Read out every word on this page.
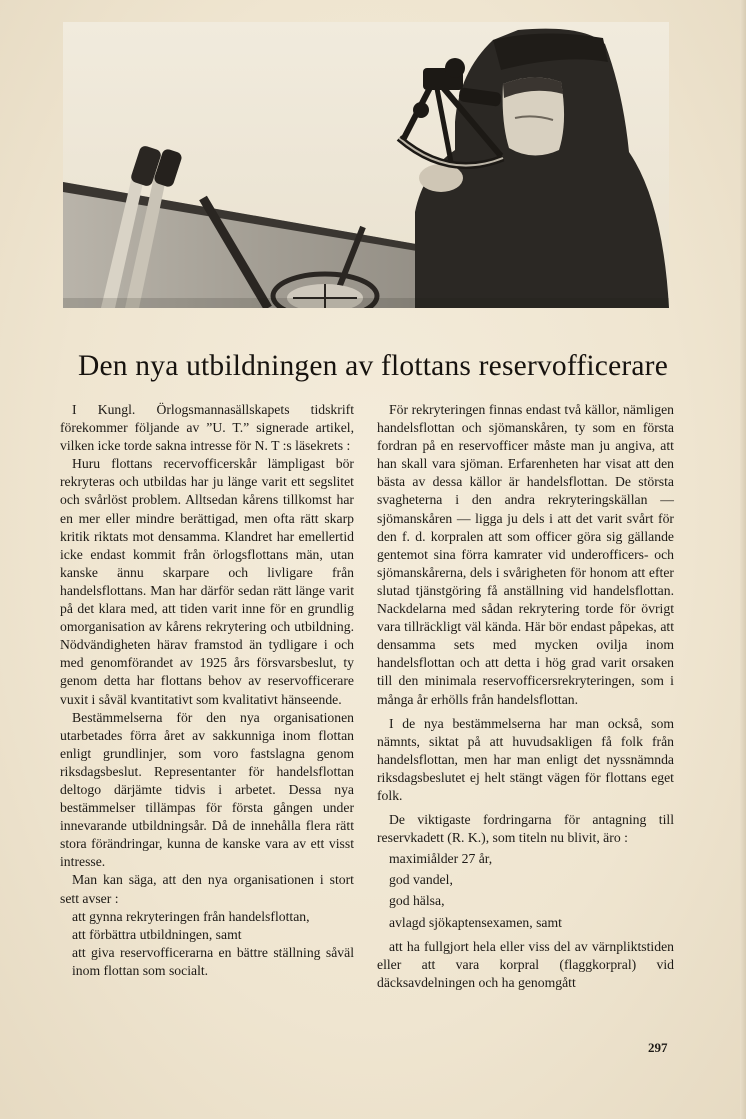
Den nya utbildningen av flottans reservofficerare

I Kungl. Örlogsmannasällskapets tidskrift förekommer följande av ”U. T.” signerade artikel, vilken icke torde sakna intresse för N. T :s läsekrets :

Huru flottans recervofficerskår lämpligast bör rekryteras och utbildas har ju länge varit ett segslitet och svårlöst problem. Alltsedan kårens tillkomst har en mer eller mindre berättigad, men ofta rätt skarp kritik riktats mot densamma. Klandret har emellertid icke endast kommit från örlogsflottans män, utan kanske ännu skarpare och livligare från handelsflottans. Man har därför sedan rätt länge varit på det klara med, att tiden varit inne för en grundlig omorganisation av kårens rekrytering och utbildning. Nödvändigheten härav framstod än tydligare i och med genomförandet av 1925 års försvarsbeslut, ty genom detta har flottans behov av reservofficerare vuxit i såväl kvantitativt som kvalitativt hänseende.

Bestämmelserna för den nya organisationen utarbetades förra året av sakkunniga inom flottan enligt grundlinjer, som voro fastslagna genom riksdagsbeslut. Representanter för handelsflottan deltogo därjämte tidvis i arbetet. Dessa nya bestämmelser tillämpas för första gången under innevarande utbildningsår. Då de innehålla flera rätt stora förändringar, kunna de kanske vara av ett visst intresse.

Man kan säga, att den nya organisationen i stort sett avser :

att gynna rekryteringen från handelsflottan,

att förbättra utbildningen, samt

att giva reservofficerarna en bättre ställning såväl inom flottan som socialt.

För rekryteringen finnas endast två källor, nämligen handelsflottan och sjömanskåren, ty som en första fordran på en reservofficer måste man ju angiva, att han skall vara sjöman. Erfarenheten har visat att den bästa av dessa källor är handelsflottan. De största svagheterna i den andra rekryteringskällan — sjömanskåren — ligga ju dels i att det varit svårt för den f. d. korpralen att som officer göra sig gällande gentemot sina förra kamrater vid underofficers- och sjömanskårerna, dels i svårigheten för honom att efter slutad tjänstgöring få anställning vid handelsflottan. Nackdelarna med sådan rekrytering torde för övrigt vara tillräckligt väl kända. Här bör endast påpekas, att densamma sets med mycken ovilja inom handelsflottan och att detta i hög grad varit orsaken till den minimala reservofficersrekryteringen, som i många år erhölls från handelsflottan.

I de nya bestämmelserna har man också, som nämnts, siktat på att huvudsakligen få folk från handelsflottan, men har man enligt det nyssnämnda riksdagsbeslutet ej helt stängt vägen för flottans eget folk.

De viktigaste fordringarna för antagning till reservkadett (R. K.), som titeln nu blivit, äro :

maximiålder 27 år,

god vandel,

god hälsa,

avlagd sjökaptensexamen, samt

att ha fullgjort hela eller viss del av värnpliktstiden eller att vara korpral (flaggkorpral) vid däcksavdelningen och ha genomgått

297
